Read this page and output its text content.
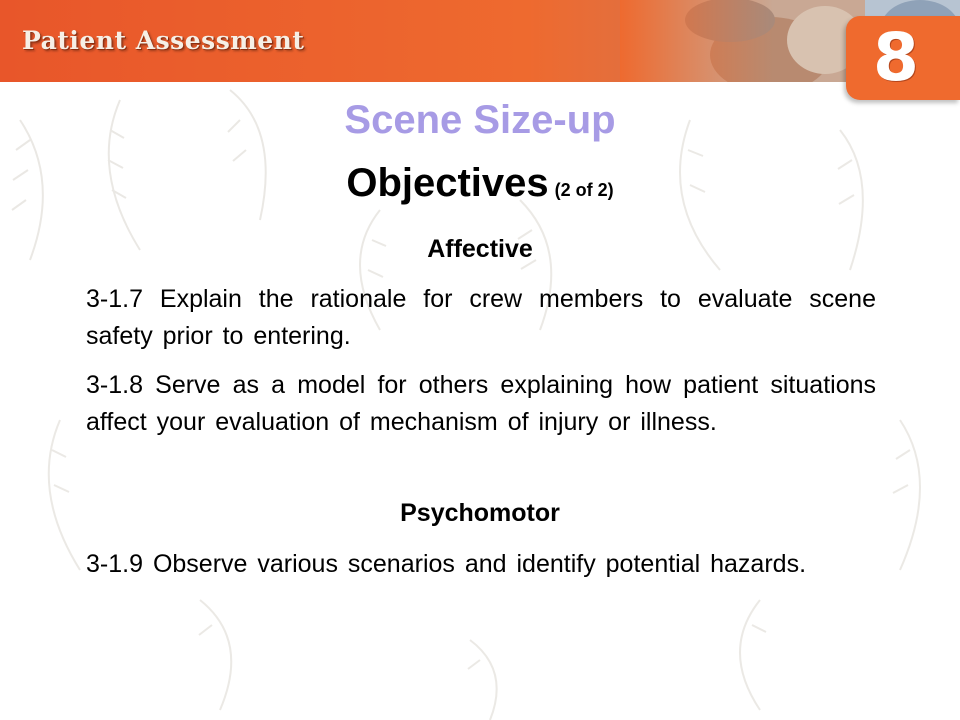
Patient Assessment	8
Scene Size-up
Objectives (2 of 2)
Affective
3-1.7 Explain the rationale for crew members to evaluate scene safety prior to entering.
3-1.8 Serve as a model for others explaining how patient situations affect your evaluation of mechanism of injury or illness.
Psychomotor
3-1.9 Observe various scenarios and identify potential hazards.
